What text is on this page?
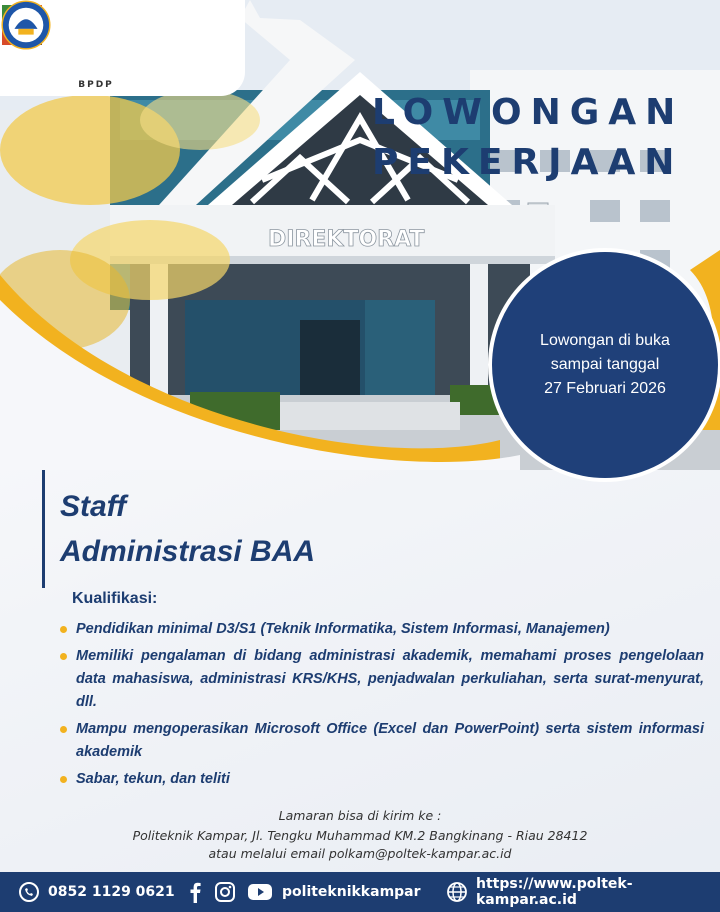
DIREKTORAT
BPDP
LOWONGAN
PEKERJAAN
Lowongan di buka
sampai tanggal
27 Februari 2026
Staff
Administrasi BAA
Kualifikasi:
Pendidikan minimal D3/S1 (Teknik Informatika, Sistem Informasi, Manajemen)
Memiliki pengalaman di bidang administrasi akademik, memahami proses pengelolaan data mahasiswa, administrasi KRS/KHS, penjadwalan perkuliahan, serta surat-menyurat, dll.
Mampu mengoperasikan Microsoft Office (Excel dan PowerPoint) serta sistem informasi akademik
Sabar, tekun, dan teliti
Lamaran bisa di kirim ke :
Politeknik Kampar, Jl. Tengku Muhammad KM.2 Bangkinang - Riau 28412
atau melalui email polkam@poltek-kampar.ac.id
0852 1129 0621	politeknikkampar	https://www.poltek-kampar.ac.id
